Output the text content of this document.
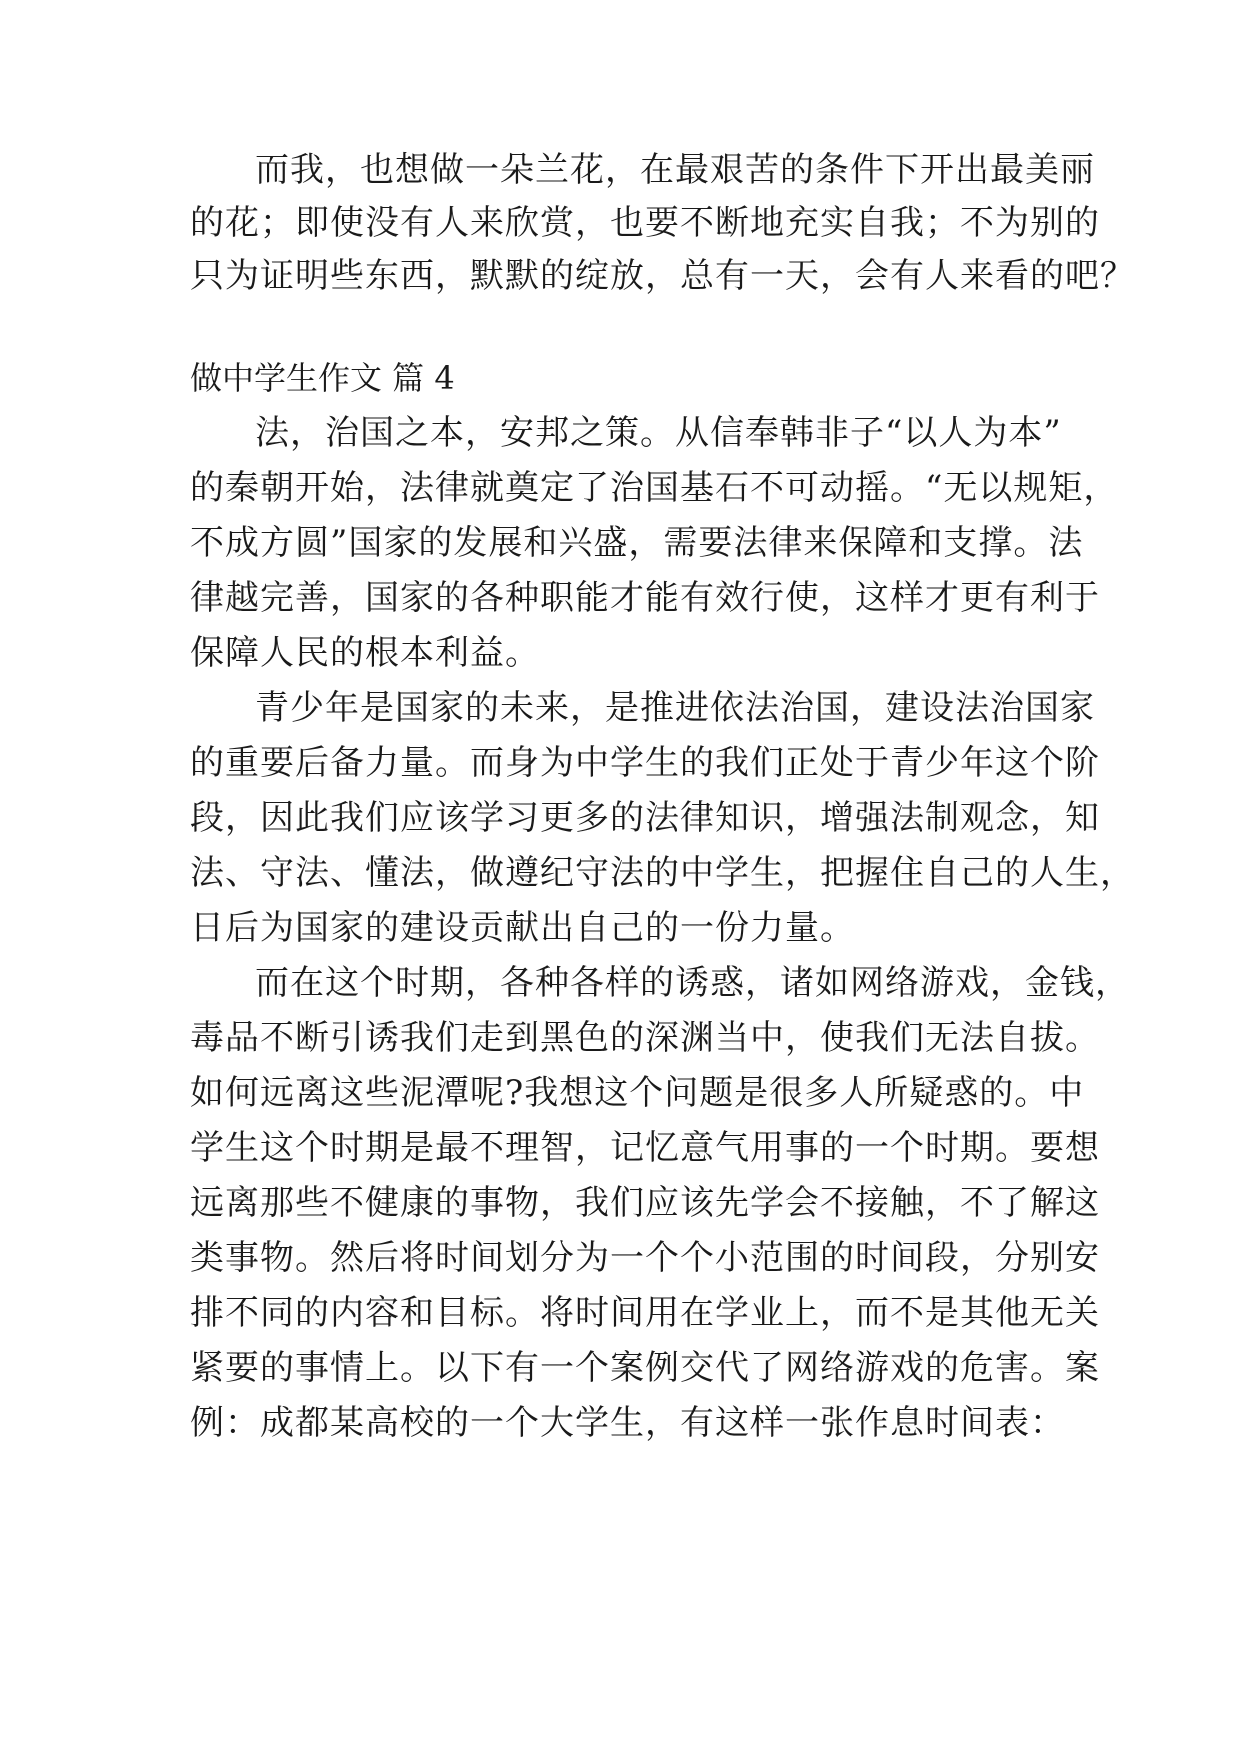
而我，也想做一朵兰花，在最艰苦的条件下开出最美丽
的花；即使没有人来欣赏，也要不断地充实自我；不为别的
只为证明些东西，默默的绽放，总有一天，会有人来看的吧？
做中学生作文 篇 4
法，治国之本，安邦之策。从信奉韩非子“以人为本”
的秦朝开始，法律就奠定了治国基石不可动摇。“无以规矩，
不成方圆”国家的发展和兴盛，需要法律来保障和支撑。法
律越完善，国家的各种职能才能有效行使，这样才更有利于
保障人民的根本利益。
青少年是国家的未来，是推进依法治国，建设法治国家
的重要后备力量。而身为中学生的我们正处于青少年这个阶
段，因此我们应该学习更多的法律知识，增强法制观念，知
法、守法、懂法，做遵纪守法的中学生，把握住自己的人生，
日后为国家的建设贡献出自己的一份力量。
而在这个时期，各种各样的诱惑，诸如网络游戏，金钱，
毒品不断引诱我们走到黑色的深渊当中，使我们无法自拔。
如何远离这些泥潭呢?我想这个问题是很多人所疑惑的。中
学生这个时期是最不理智，记忆意气用事的一个时期。要想
远离那些不健康的事物，我们应该先学会不接触，不了解这
类事物。然后将时间划分为一个个小范围的时间段，分别安
排不同的内容和目标。将时间用在学业上，而不是其他无关
紧要的事情上。以下有一个案例交代了网络游戏的危害。案
例：成都某高校的一个大学生，有这样一张作息时间表：
